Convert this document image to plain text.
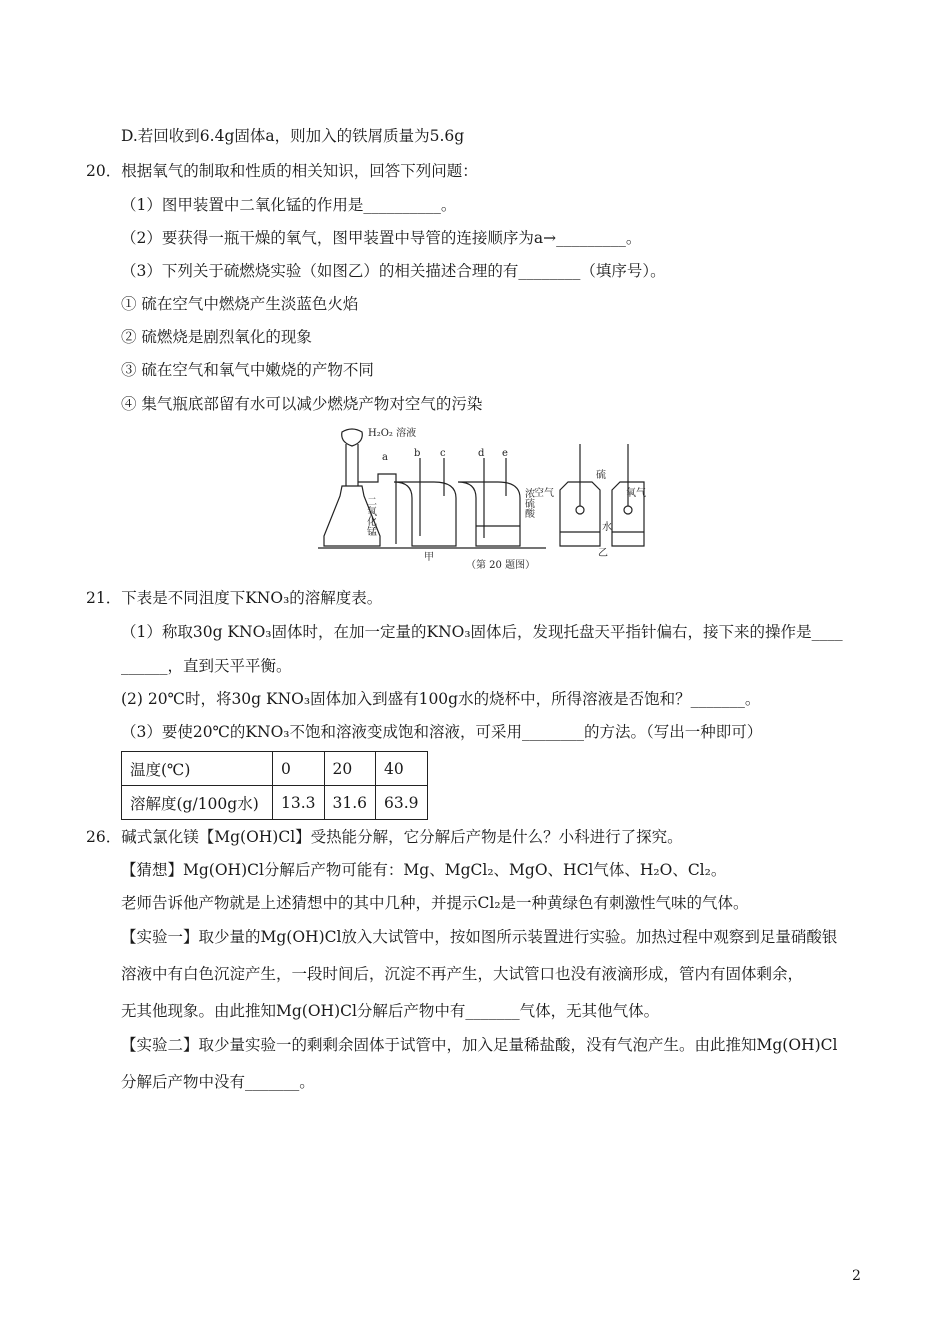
D.若回收到6.4g固体a，则加入的铁屑质量为5.6g
20．根据氧气的制取和性质的相关知识，回答下列问题：
（1）图甲装置中二氧化锰的作用是__________。
（2）要获得一瓶干燥的氧气，图甲装置中导管的连接顺序为a→_________。
（3）下列关于硫燃烧实验（如图乙）的相关描述合理的有________（填序号）。
① 硫在空气中燃烧产生淡蓝色火焰
② 硫燃烧是剧烈氧化的现象
③ 硫在空气和氧气中嫩烧的产物不同
④ 集气瓶底部留有水可以减少燃烧产物对空气的污染
H₂O₂ 溶液
a	b c	d e
二氧化锰	浓硫酸
甲
空气
硫
氧气
水
乙
（第 20 题图）
21．下表是不同沮度下KNO₃的溶解度表。
（1）称取30g KNO₃固体时，在加一定量的KNO₃固体后，发现托盘天平指针偏右，接下来的操作是____
______，直到天平平衡。
(2) 20℃时，将30g KNO₃固体加入到盛有100g水的烧杯中，所得溶液是否饱和？_______。
（3）要使20℃的KNO₃不饱和溶液变成饱和溶液，可采用________的方法。（写出一种即可）
温度(℃)	0	20	40
溶解度(g/100g水)	13.3	31.6	63.9
26．碱式氯化镁【Mg(OH)Cl】受热能分解，它分解后产物是什么？小科进行了探究。
【猜想】Mg(OH)Cl分解后产物可能有：Mg、MgCl₂、MgO、HCl气体、H₂O、Cl₂。
老师告诉他产物就是上述猜想中的其中几种，并提示Cl₂是一种黄绿色有刺激性气味的气体。
【实验一】取少量的Mg(OH)Cl放入大试管中，按如图所示装置进行实验。加热过程中观察到足量硝酸银
溶液中有白色沉淀产生，一段时间后，沉淀不再产生，大试管口也没有液滴形成，管内有固体剩余，
无其他现象。由此推知Mg(OH)Cl分解后产物中有_______气体，无其他气体。
【实验二】取少量实验一的剩剩余固体于试管中，加入足量稀盐酸，没有气泡产生。由此推知Mg(OH)Cl
分解后产物中没有_______。
2
